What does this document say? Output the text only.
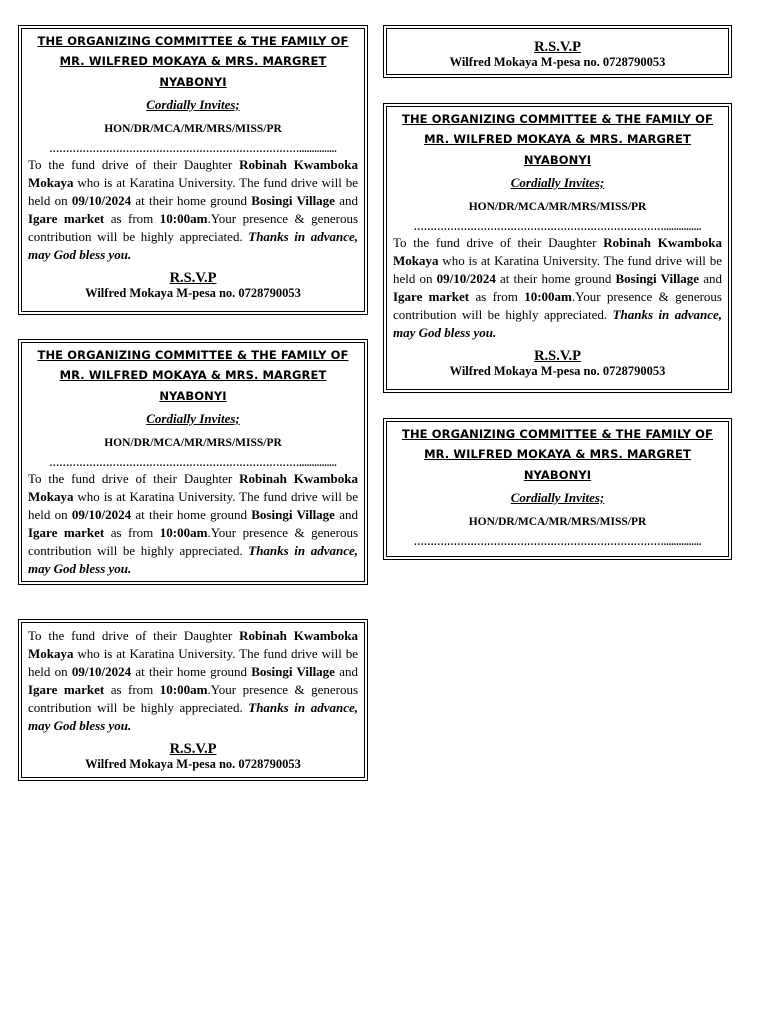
THE ORGANIZING COMMITTEE & THE FAMILY OF
MR. WILFRED MOKAYA & MRS. MARGRET
NYABONYI
Cordially Invites;
HON/DR/MCA/MR/MRS/MISS/PR
…………………………………………………………………...............
To the fund drive of their Daughter Robinah Kwamboka Mokaya who is at Karatina University. The fund drive will be held on 09/10/2024 at their home ground Bosingi Village and Igare market as from 10:00am.Your presence & generous contribution will be highly appreciated. Thanks in advance, may God bless you.
R.S.V.P
Wilfred Mokaya M-pesa no. 0728790053
R.S.V.P
Wilfred Mokaya M-pesa no. 0728790053
THE ORGANIZING COMMITTEE & THE FAMILY OF
MR. WILFRED MOKAYA & MRS. MARGRET
NYABONYI
Cordially Invites;
HON/DR/MCA/MR/MRS/MISS/PR
…………………………………………………………………...............
To the fund drive of their Daughter Robinah Kwamboka Mokaya who is at Karatina University. The fund drive will be held on 09/10/2024 at their home ground Bosingi Village and Igare market as from 10:00am.Your presence & generous contribution will be highly appreciated. Thanks in advance, may God bless you.
R.S.V.P
Wilfred Mokaya M-pesa no. 0728790053
THE ORGANIZING COMMITTEE & THE FAMILY OF
MR. WILFRED MOKAYA & MRS. MARGRET
NYABONYI
Cordially Invites;
HON/DR/MCA/MR/MRS/MISS/PR
…………………………………………………………………...............
To the fund drive of their Daughter Robinah Kwamboka Mokaya who is at Karatina University. The fund drive will be held on 09/10/2024 at their home ground Bosingi Village and Igare market as from 10:00am.Your presence & generous contribution will be highly appreciated. Thanks in advance, may God bless you.
THE ORGANIZING COMMITTEE & THE FAMILY OF
MR. WILFRED MOKAYA & MRS. MARGRET
NYABONYI
Cordially Invites;
HON/DR/MCA/MR/MRS/MISS/PR
…………………………………………………………………...............
To the fund drive of their Daughter Robinah Kwamboka Mokaya who is at Karatina University. The fund drive will be held on 09/10/2024 at their home ground Bosingi Village and Igare market as from 10:00am.Your presence & generous contribution will be highly appreciated. Thanks in advance, may God bless you.
R.S.V.P
Wilfred Mokaya M-pesa no. 0728790053
